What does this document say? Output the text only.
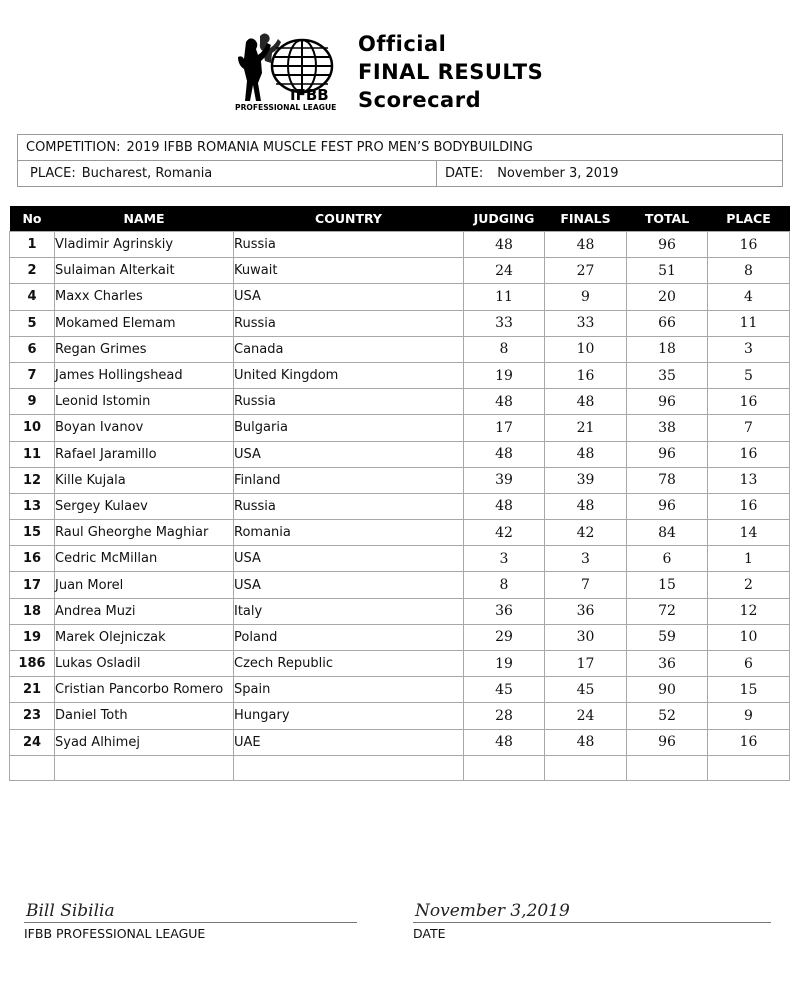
IFBB
PROFESSIONAL LEAGUE
Official
FINAL RESULTS
Scorecard
COMPETITION: 2019 IFBB ROMANIA MUSCLE FEST PRO MEN’S BODYBUILDING
PLACE: Bucharest, Romania	DATE: November 3, 2019
No	NAME	COUNTRY	JUDGING	FINALS	TOTAL	PLACE
1	Vladimir Agrinskiy	Russia	48	48	96	16
2	Sulaiman Alterkait	Kuwait	24	27	51	8
4	Maxx Charles	USA	11	9	20	4
5	Mokamed Elemam	Russia	33	33	66	11
6	Regan Grimes	Canada	8	10	18	3
7	James Hollingshead	United Kingdom	19	16	35	5
9	Leonid Istomin	Russia	48	48	96	16
10	Boyan Ivanov	Bulgaria	17	21	38	7
11	Rafael Jaramillo	USA	48	48	96	16
12	Kille Kujala	Finland	39	39	78	13
13	Sergey Kulaev	Russia	48	48	96	16
15	Raul Gheorghe Maghiar	Romania	42	42	84	14
16	Cedric McMillan	USA	3	3	6	1
17	Juan Morel	USA	8	7	15	2
18	Andrea Muzi	Italy	36	36	72	12
19	Marek Olejniczak	Poland	29	30	59	10
186	Lukas Osladil	Czech Republic	19	17	36	6
21	Cristian Pancorbo Romero	Spain	45	45	90	15
23	Daniel Toth	Hungary	28	24	52	9
24	Syad Alhimej	UAE	48	48	96	16

Bill Sibilia
IFBB PROFESSIONAL LEAGUE
November 3,2019
DATE
